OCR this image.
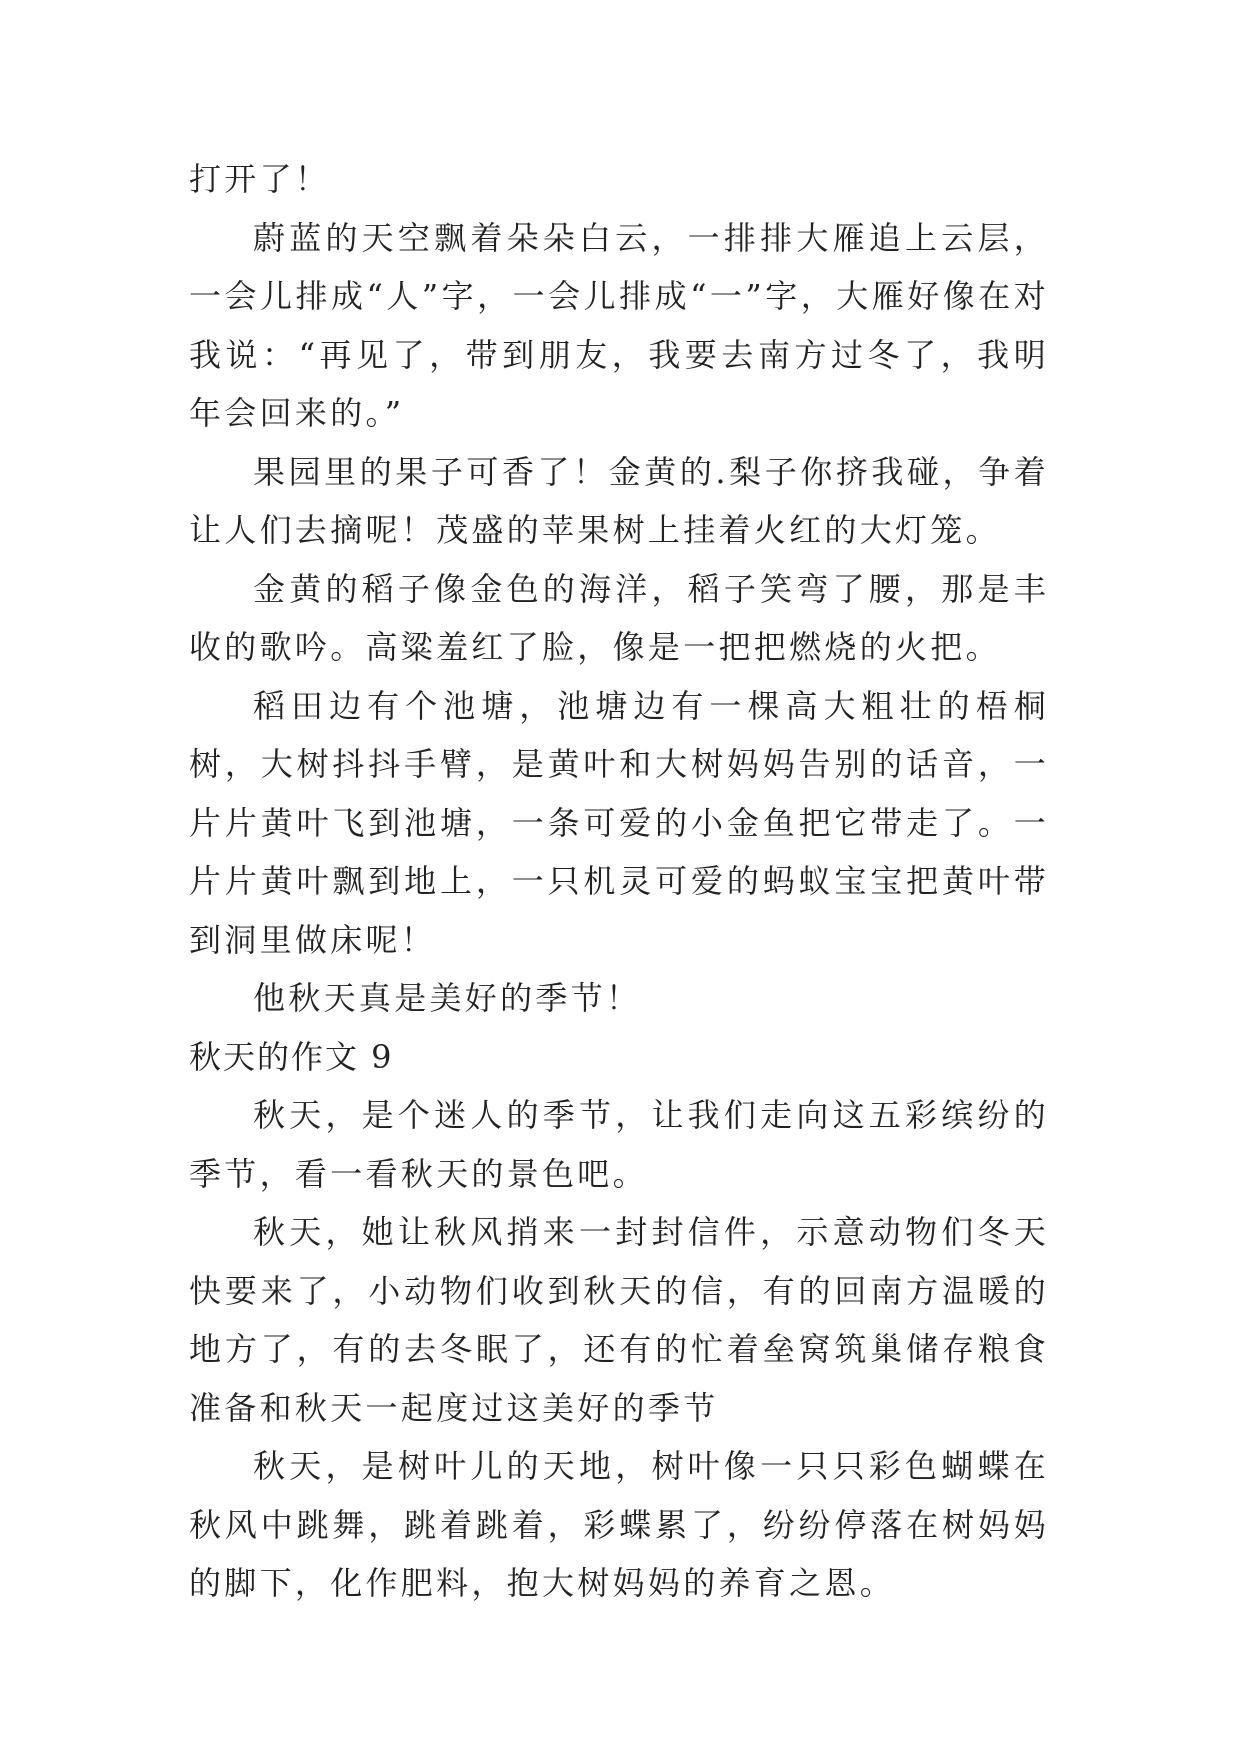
打开了！

蔚蓝的天空飘着朵朵白云，一排排大雁追上云层，一会儿排成“人”字，一会儿排成“一”字，大雁好像在对我说：“再见了，带到朋友，我要去南方过冬了，我明年会回来的。”

果园里的果子可香了！金黄的.梨子你挤我碰，争着让人们去摘呢！茂盛的苹果树上挂着火红的大灯笼。

金黄的稻子像金色的海洋，稻子笑弯了腰，那是丰收的歌吟。高粱羞红了脸，像是一把把燃烧的火把。

稻田边有个池塘，池塘边有一棵高大粗壮的梧桐树，大树抖抖手臂，是黄叶和大树妈妈告别的话音，一片片黄叶飞到池塘，一条可爱的小金鱼把它带走了。一片片黄叶飘到地上，一只机灵可爱的蚂蚁宝宝把黄叶带到洞里做床呢！

他秋天真是美好的季节！

秋天的作文 9

秋天，是个迷人的季节，让我们走向这五彩缤纷的季节，看一看秋天的景色吧。

秋天，她让秋风捎来一封封信件，示意动物们冬天快要来了，小动物们收到秋天的信，有的回南方温暖的地方了，有的去冬眠了，还有的忙着垒窝筑巢储存粮食准备和秋天一起度过这美好的季节

秋天，是树叶儿的天地，树叶像一只只彩色蝴蝶在秋风中跳舞，跳着跳着，彩蝶累了，纷纷停落在树妈妈的脚下，化作肥料，抱大树妈妈的养育之恩。
